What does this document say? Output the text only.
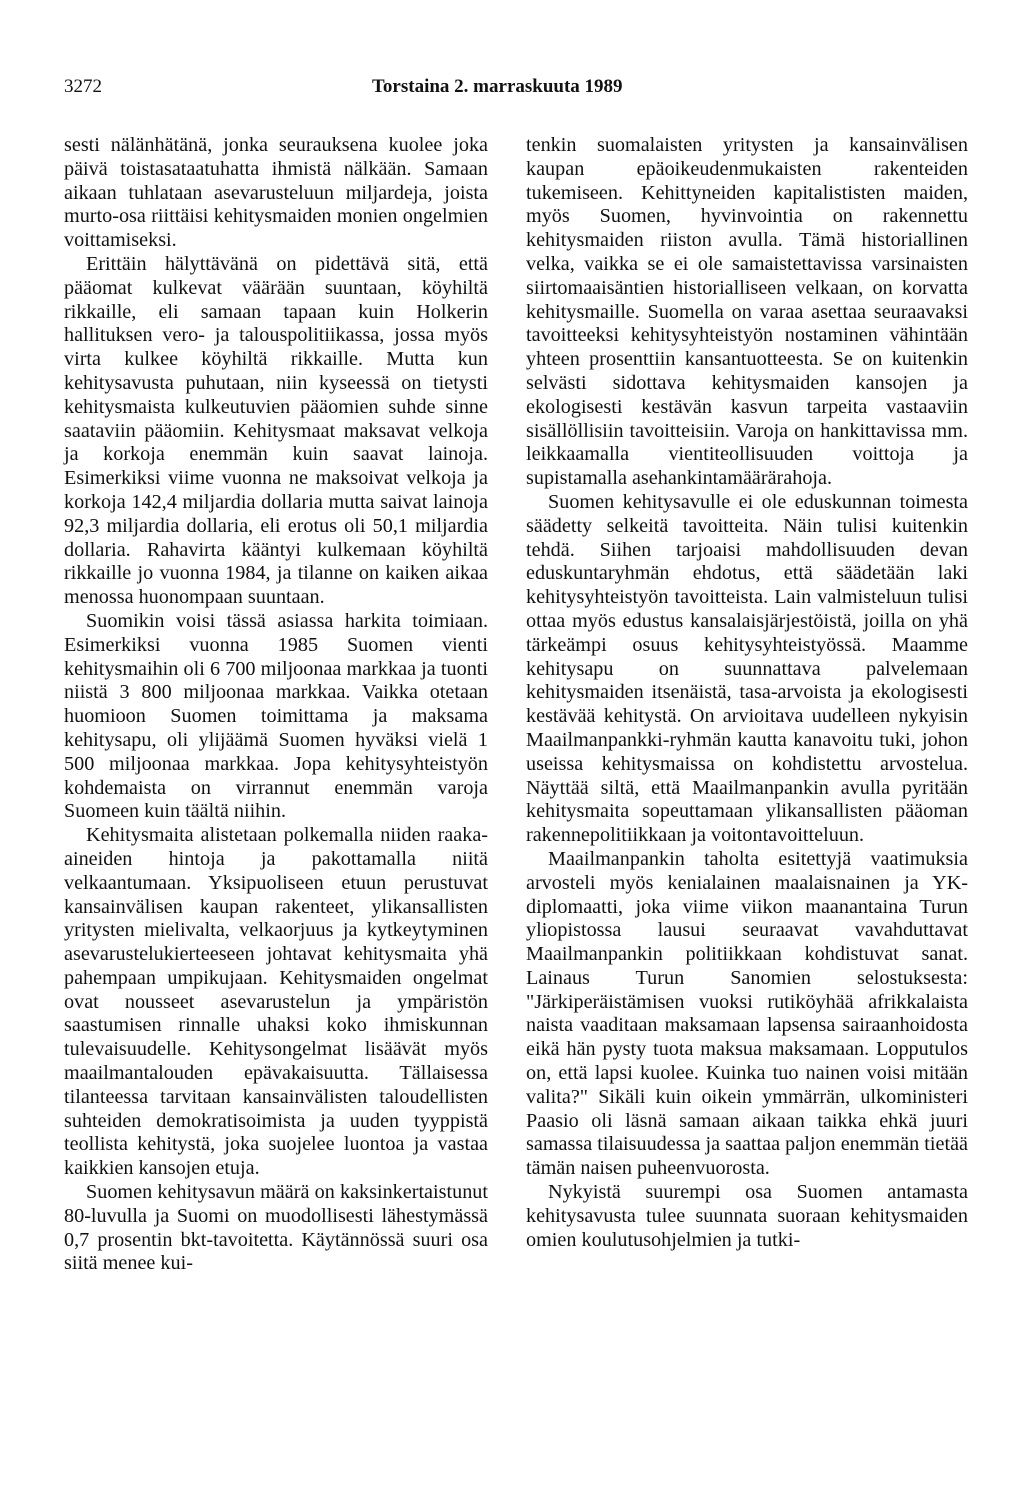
3272	Torstaina 2. marraskuuta 1989

sesti nälänhätänä, jonka seurauksena kuolee joka päivä toistasataatuhatta ihmistä nälkään. Samaan aikaan tuhlataan asevarusteluun miljardeja, joista murto-osa riittäisi kehitysmaiden monien ongelmien voittamiseksi.

Erittäin hälyttävänä on pidettävä sitä, että pääomat kulkevat väärään suuntaan, köyhiltä rikkaille, eli samaan tapaan kuin Holkerin hallituksen vero- ja talouspolitiikassa, jossa myös virta kulkee köyhiltä rikkaille. Mutta kun kehitysavusta puhutaan, niin kyseessä on tietysti kehitysmaista kulkeutuvien pääomien suhde sinne saataviin pääomiin. Kehitysmaat maksavat velkoja ja korkoja enemmän kuin saavat lainoja. Esimerkiksi viime vuonna ne maksoivat velkoja ja korkoja 142,4 miljardia dollaria mutta saivat lainoja 92,3 miljardia dollaria, eli erotus oli 50,1 miljardia dollaria. Rahavirta kääntyi kulkemaan köyhiltä rikkaille jo vuonna 1984, ja tilanne on kaiken aikaa menossa huonompaan suuntaan.

Suomikin voisi tässä asiassa harkita toimiaan. Esimerkiksi vuonna 1985 Suomen vienti kehitysmaihin oli 6 700 miljoonaa markkaa ja tuonti niistä 3 800 miljoonaa markkaa. Vaikka otetaan huomioon Suomen toimittama ja maksama kehitysapu, oli ylijäämä Suomen hyväksi vielä 1 500 miljoonaa markkaa. Jopa kehitysyhteistyön kohdemaista on virrannut enemmän varoja Suomeen kuin täältä niihin.

Kehitysmaita alistetaan polkemalla niiden raaka-aineiden hintoja ja pakottamalla niitä velkaantumaan. Yksipuoliseen etuun perustuvat kansainvälisen kaupan rakenteet, ylikansallisten yritysten mielivalta, velkaorjuus ja kytkeytyminen asevarustelukierteeseen johtavat kehitysmaita yhä pahempaan umpikujaan. Kehitysmaiden ongelmat ovat nousseet asevarustelun ja ympäristön saastumisen rinnalle uhaksi koko ihmiskunnan tulevaisuudelle. Kehitysongelmat lisäävät myös maailmantalouden epävakaisuutta. Tällaisessa tilanteessa tarvitaan kansainvälisten taloudellisten suhteiden demokratisoimista ja uuden tyyppistä teollista kehitystä, joka suojelee luontoa ja vastaa kaikkien kansojen etuja.

Suomen kehitysavun määrä on kaksinkertaistunut 80-luvulla ja Suomi on muodollisesti lähestymässä 0,7 prosentin bkt-tavoitetta. Käytännössä suuri osa siitä menee kui-

tenkin suomalaisten yritysten ja kansainvälisen kaupan epäoikeudenmukaisten rakenteiden tukemiseen. Kehittyneiden kapitalististen maiden, myös Suomen, hyvinvointia on rakennettu kehitysmaiden riiston avulla. Tämä historiallinen velka, vaikka se ei ole samaistettavissa varsinaisten siirtomaaisäntien historialliseen velkaan, on korvatta kehitysmaille. Suomella on varaa asettaa seuraavaksi tavoitteeksi kehitysyhteistyön nostaminen vähintään yhteen prosenttiin kansantuotteesta. Se on kuitenkin selvästi sidottava kehitysmaiden kansojen ja ekologisesti kestävän kasvun tarpeita vastaaviin sisällöllisiin tavoitteisiin. Varoja on hankittavissa mm. leikkaamalla vientiteollisuuden voittoja ja supistamalla asehankintamäärärahoja.

Suomen kehitysavulle ei ole eduskunnan toimesta säädetty selkeitä tavoitteita. Näin tulisi kuitenkin tehdä. Siihen tarjoaisi mahdollisuuden devan eduskuntaryhmän ehdotus, että säädetään laki kehitysyhteistyön tavoitteista. Lain valmisteluun tulisi ottaa myös edustus kansalaisjärjestöistä, joilla on yhä tärkeämpi osuus kehitysyhteistyössä. Maamme kehitysapu on suunnattava palvelemaan kehitysmaiden itsenäistä, tasa-arvoista ja ekologisesti kestävää kehitystä. On arvioitava uudelleen nykyisin Maailmanpankki-ryhmän kautta kanavoitu tuki, johon useissa kehitysmaissa on kohdistettu arvostelua. Näyttää siltä, että Maailmanpankin avulla pyritään kehitysmaita sopeuttamaan ylikansallisten pääoman rakennepolitiikkaan ja voitontavoitteluun.

Maailmanpankin taholta esitettyjä vaatimuksia arvosteli myös kenialainen maalaisnainen ja YK-diplomaatti, joka viime viikon maanantaina Turun yliopistossa lausui seuraavat vavahduttavat Maailmanpankin politiikkaan kohdistuvat sanat. Lainaus Turun Sanomien selostuksesta: "Järkiperäistämisen vuoksi rutiköyhää afrikkalaista naista vaaditaan maksamaan lapsensa sairaanhoidosta eikä hän pysty tuota maksua maksamaan. Lopputulos on, että lapsi kuolee. Kuinka tuo nainen voisi mitään valita?" Sikäli kuin oikein ymmärrän, ulkoministeri Paasio oli läsnä samaan aikaan taikka ehkä juuri samassa tilaisuudessa ja saattaa paljon enemmän tietää tämän naisen puheenvuorosta.

Nykyistä suurempi osa Suomen antamasta kehitysavusta tulee suunnata suoraan kehitysmaiden omien koulutusohjelmien ja tutki-
